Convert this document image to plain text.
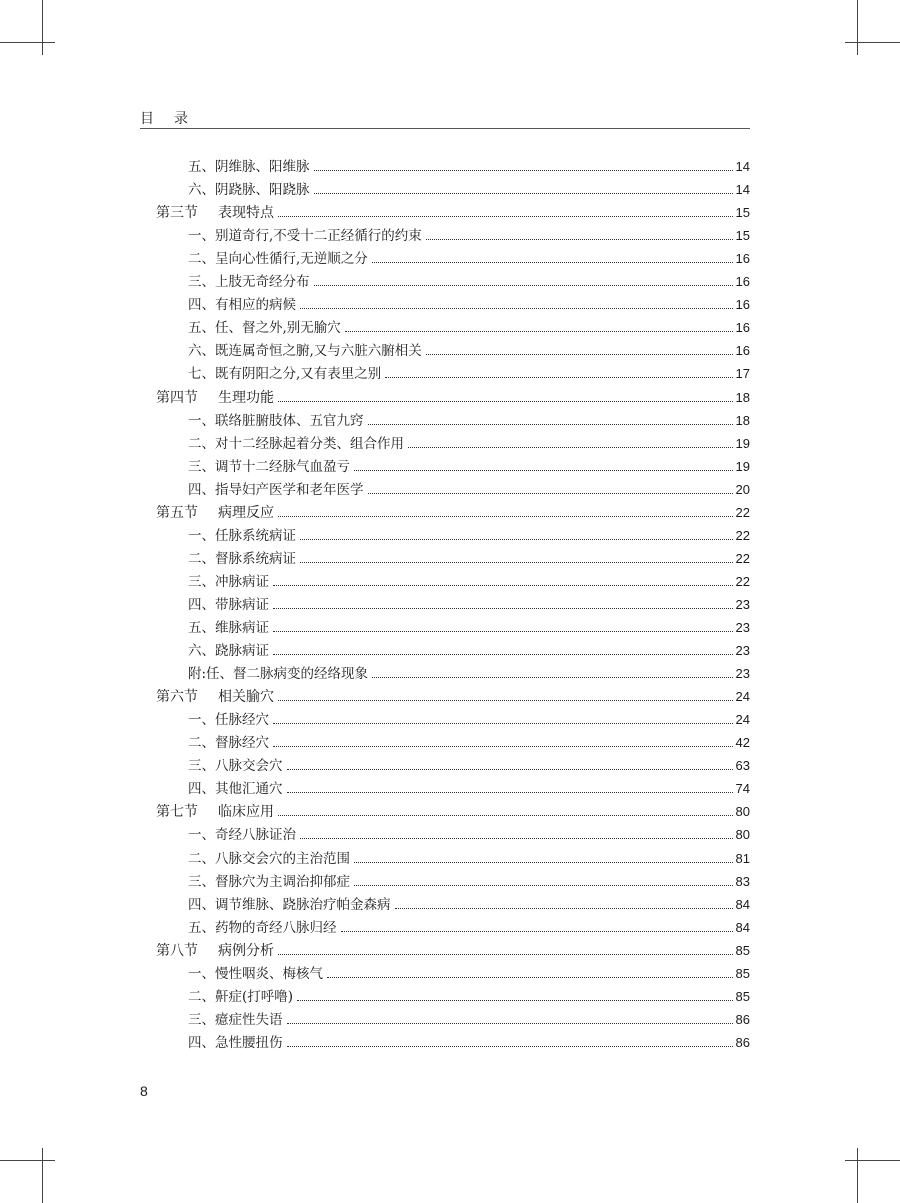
目录
五、阴维脉、阳维脉	14
六、阴跷脉、阳跷脉	14
第三节 表现特点	15
一、别道奇行,不受十二正经循行的约束	15
二、呈向心性循行,无逆顺之分	16
三、上肢无奇经分布	16
四、有相应的病候	16
五、任、督之外,别无腧穴	16
六、既连属奇恒之腑,又与六脏六腑相关	16
七、既有阴阳之分,又有表里之别	17
第四节 生理功能	18
一、联络脏腑肢体、五官九窍	18
二、对十二经脉起着分类、组合作用	19
三、调节十二经脉气血盈亏	19
四、指导妇产医学和老年医学	20
第五节 病理反应	22
一、任脉系统病证	22
二、督脉系统病证	22
三、冲脉病证	22
四、带脉病证	23
五、维脉病证	23
六、跷脉病证	23
附:任、督二脉病变的经络现象	23
第六节 相关腧穴	24
一、任脉经穴	24
二、督脉经穴	42
三、八脉交会穴	63
四、其他汇通穴	74
第七节 临床应用	80
一、奇经八脉证治	80
二、八脉交会穴的主治范围	81
三、督脉穴为主调治抑郁症	83
四、调节维脉、跷脉治疗帕金森病	84
五、药物的奇经八脉归经	84
第八节 病例分析	85
一、慢性咽炎、梅核气	85
二、鼾症(打呼噜)	85
三、癔症性失语	86
四、急性腰扭伤	86
8
